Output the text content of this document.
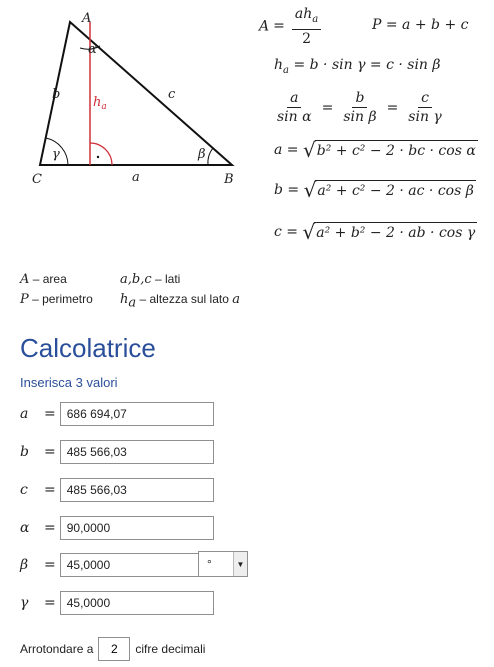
A
B
C	a
b	c
α
β
γ
$h_a$
$A = \frac{ah_a}{2}$	P = a + b + c
$h_a = b \cdot \sin \gamma = c \cdot \sin \beta$
$\frac{a}{\text{sin α}} = \frac{b}{\text{sin β}} = \frac{c}{\text{sin γ}}$
a = √ b² + c² − 2 · bc · cos α
b = √ a² + c² − 2 · ac · cos β
c = √ a² + b² − 2 · ab · cos γ
A – area	a,b,c – lati
P – perimetro $h_a$ – altezza sul lato a
Calcolatrice
Inserisca 3 valori
a	=
686 694,07
b	=
485 566,03
c	=
485 566,03
α	=
90,0000
β	=
45,0000	°	▼
γ	=
45,0000
Arrotondare a
2	cifre decimali
